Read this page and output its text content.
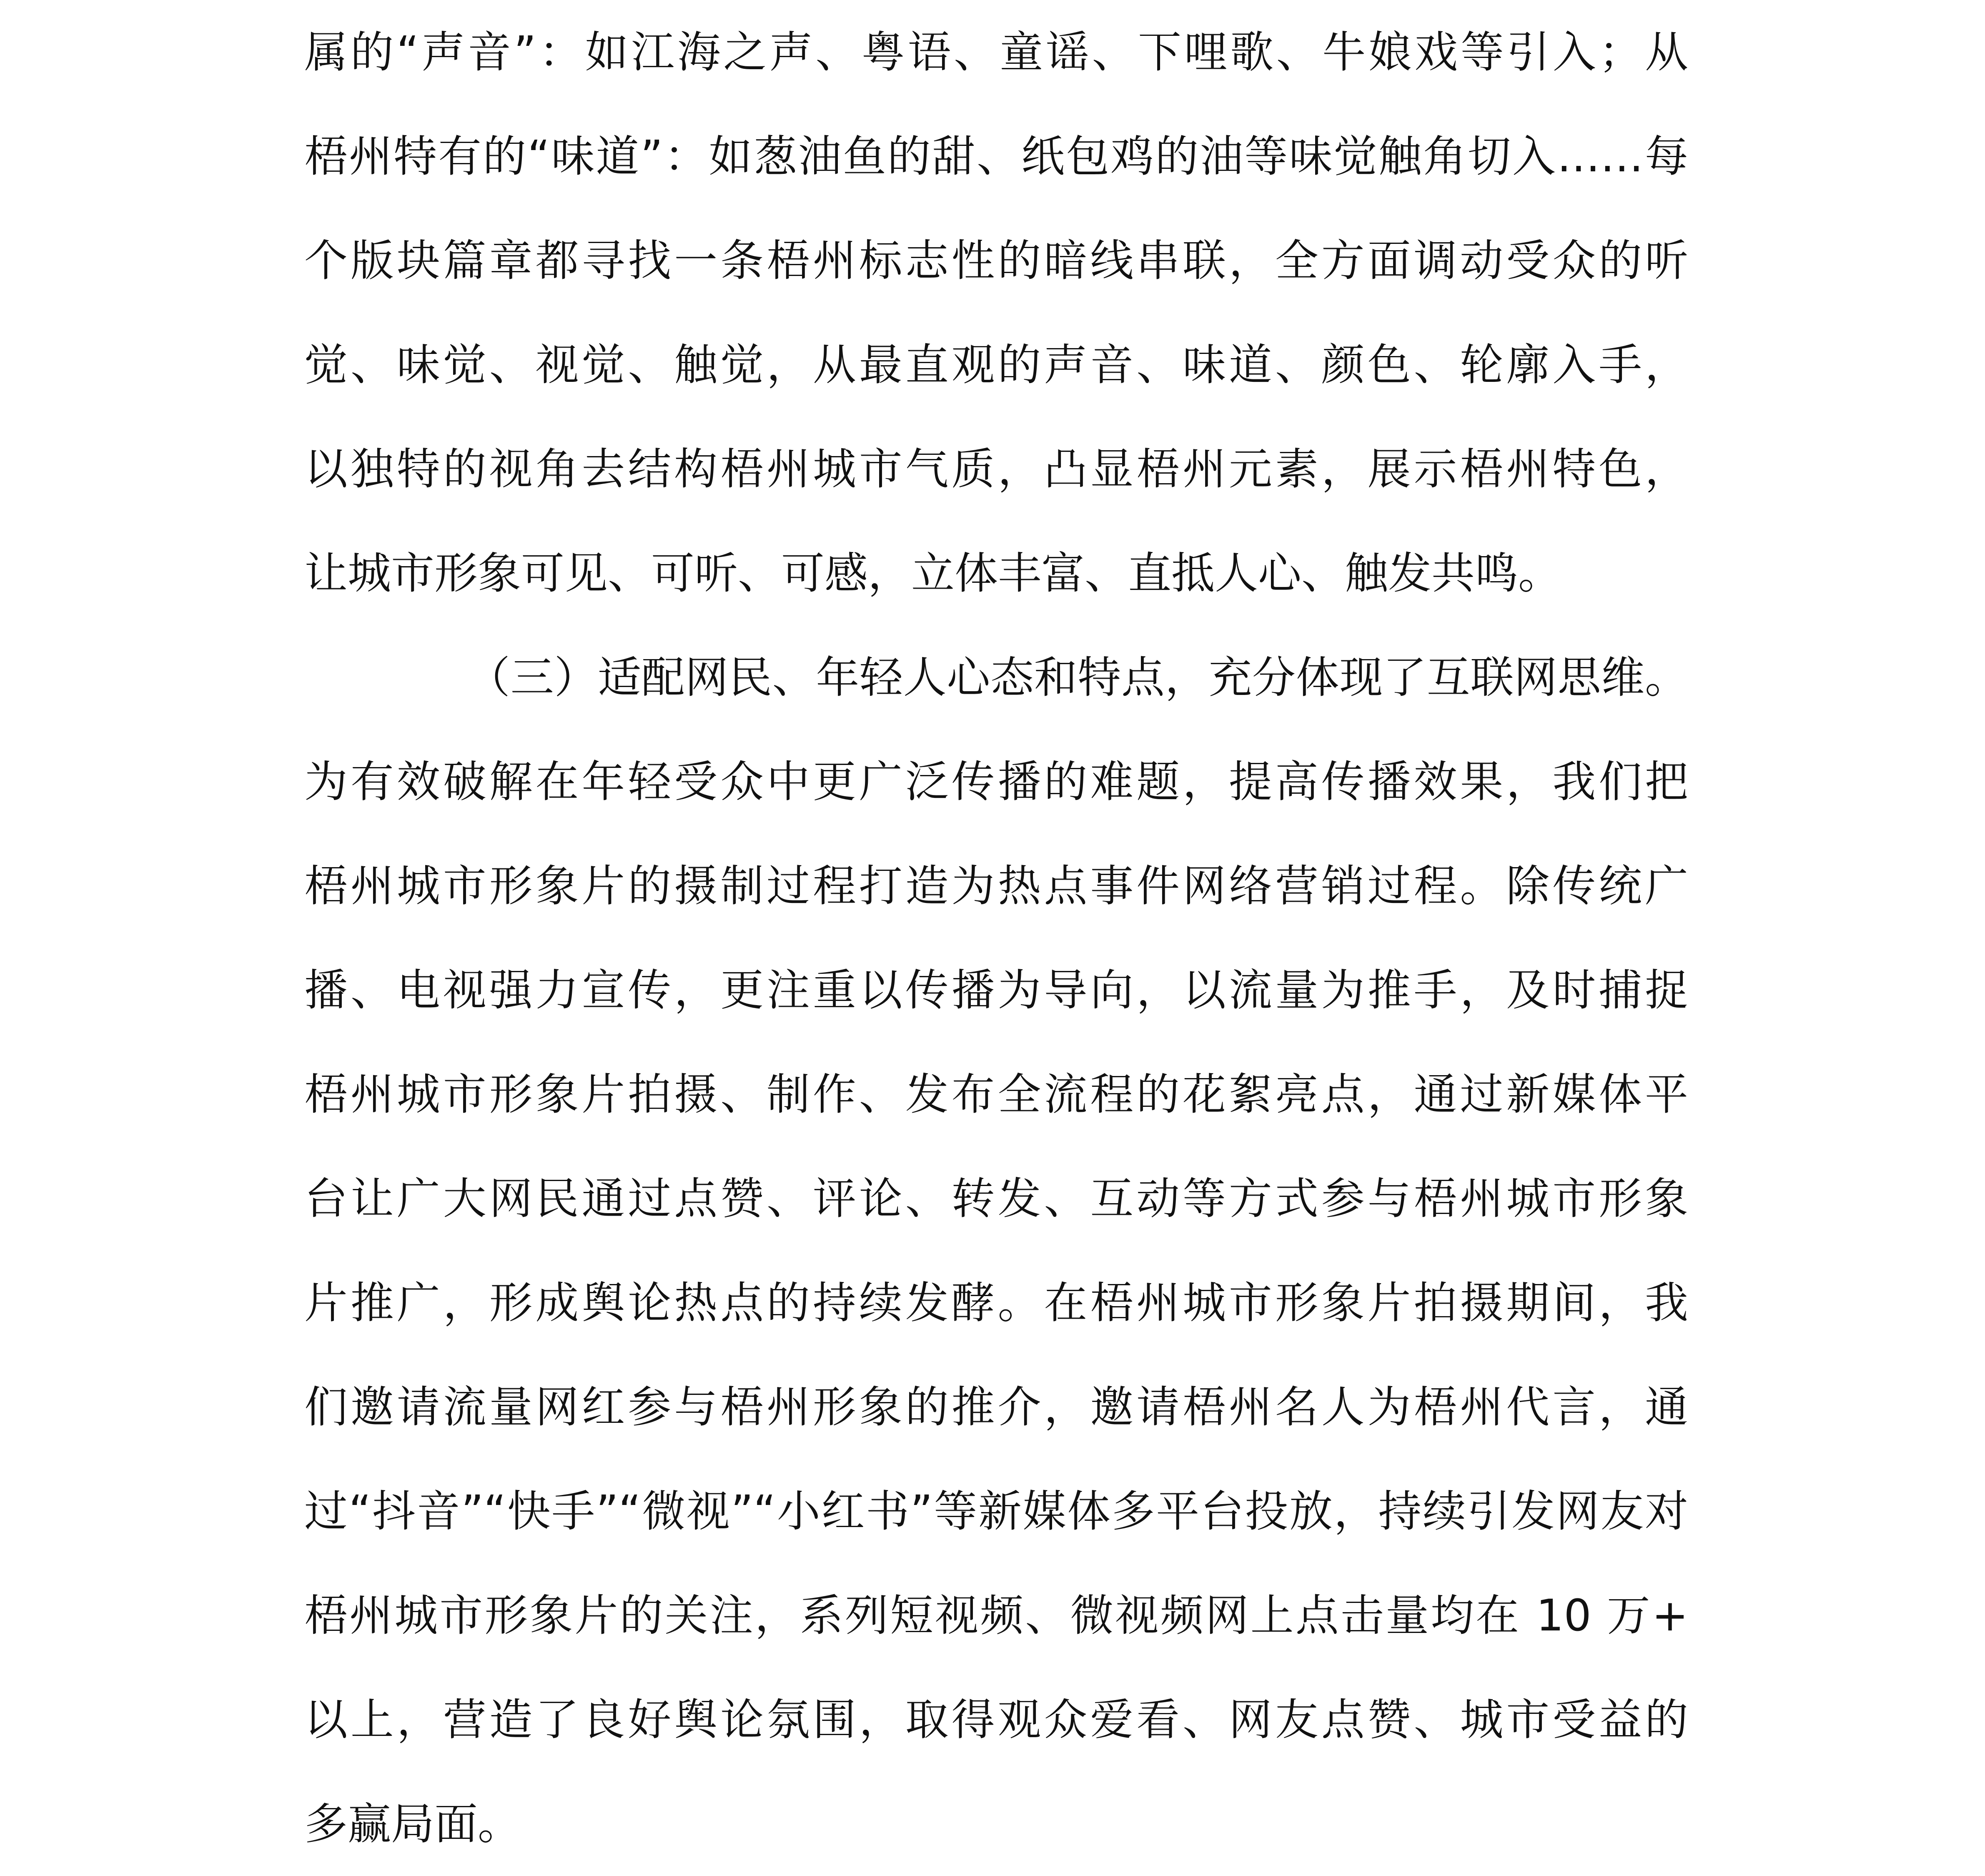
属的“声音”：如江海之声、粤语、童谣、下哩歌、牛娘戏等引入；从
梧州特有的“味道”：如葱油鱼的甜、纸包鸡的油等味觉触角切入……每
个版块篇章都寻找一条梧州标志性的暗线串联，全方面调动受众的听
觉、味觉、视觉、触觉，从最直观的声音、味道、颜色、轮廓入手，
以独特的视角去结构梧州城市气质，凸显梧州元素，展示梧州特色，
让城市形象可见、可听、可感，立体丰富、直抵人心、触发共鸣。
（三）适配网民、年轻人心态和特点，充分体现了互联网思维。
为有效破解在年轻受众中更广泛传播的难题，提高传播效果，我们把
梧州城市形象片的摄制过程打造为热点事件网络营销过程。除传统广
播、电视强力宣传，更注重以传播为导向，以流量为推手，及时捕捉
梧州城市形象片拍摄、制作、发布全流程的花絮亮点，通过新媒体平
台让广大网民通过点赞、评论、转发、互动等方式参与梧州城市形象
片推广，形成舆论热点的持续发酵。在梧州城市形象片拍摄期间，我
们邀请流量网红参与梧州形象的推介，邀请梧州名人为梧州代言，通
过“抖音”“快手”“微视”“小红书”等新媒体多平台投放，持续引发网友对
梧州城市形象片的关注，系列短视频、微视频网上点击量均在 10 万+
以上，营造了良好舆论氛围，取得观众爱看、网友点赞、城市受益的
多赢局面。
